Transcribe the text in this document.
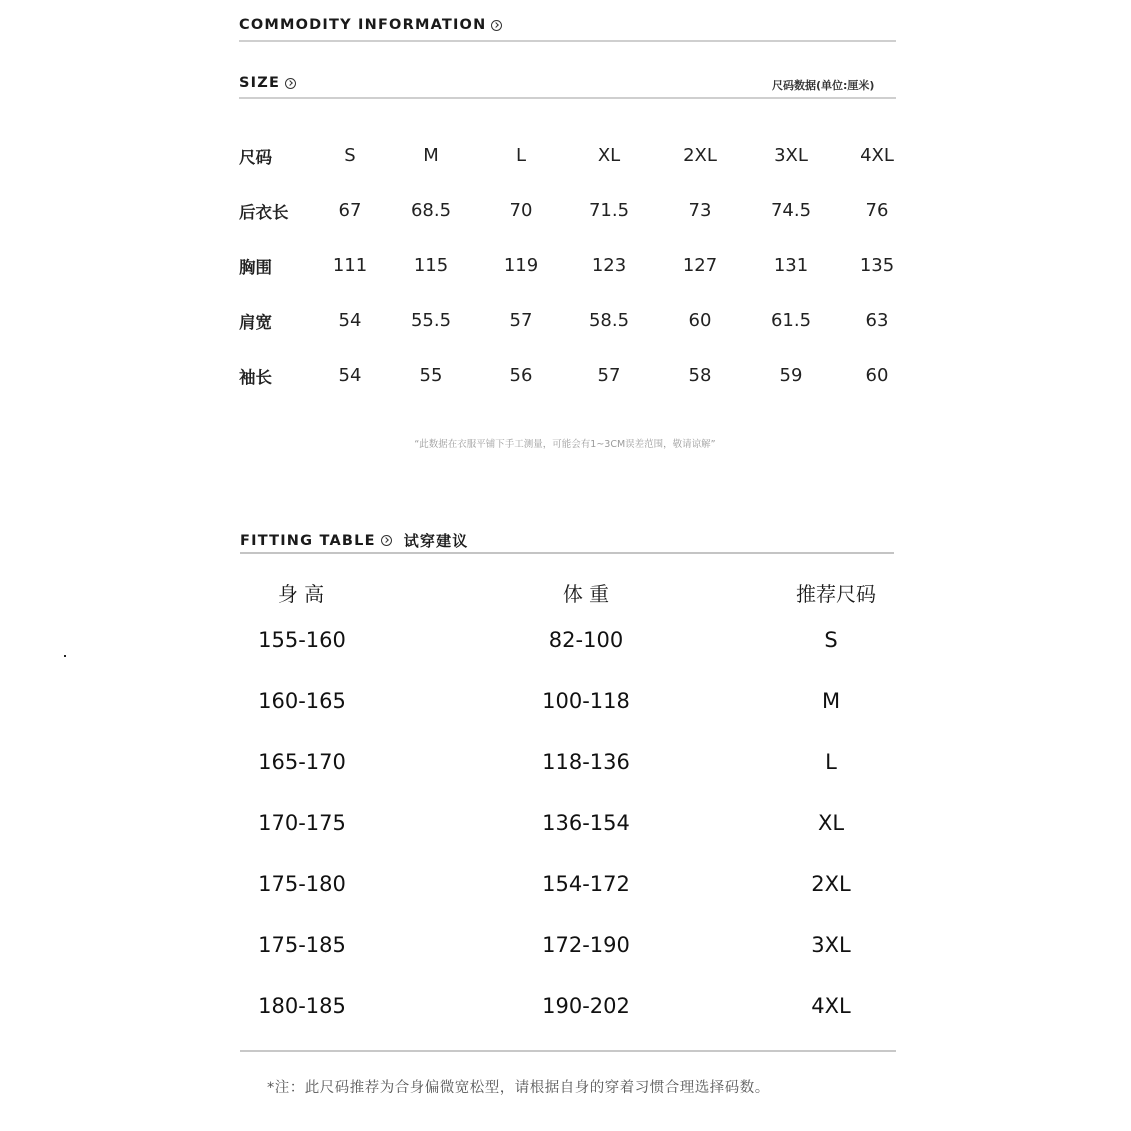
COMMODITY INFORMATION
SIZE	尺码数据(单位:厘米)
尺码	S	M	L	XL	2XL	3XL	4XL
后衣长	67	68.5	70	71.5	73	74.5	76
胸围	111	115	119	123	127	131	135
肩宽	54	55.5	57	58.5	60	61.5	63
袖长	54	55	56	57	58	59	60
“此数据在衣服平铺下手工测量，可能会有1~3CM误差范围，敬请谅解”
FITTING TABLE 试穿建议
身 高	体 重	推荐尺码
155-160	82-100	S
160-165	100-118	M
165-170	118-136	L
170-175	136-154	XL
175-180	154-172	2XL
175-185	172-190	3XL
180-185	190-202	4XL
*注：此尺码推荐为合身偏微宽松型，请根据自身的穿着习惯合理选择码数。
